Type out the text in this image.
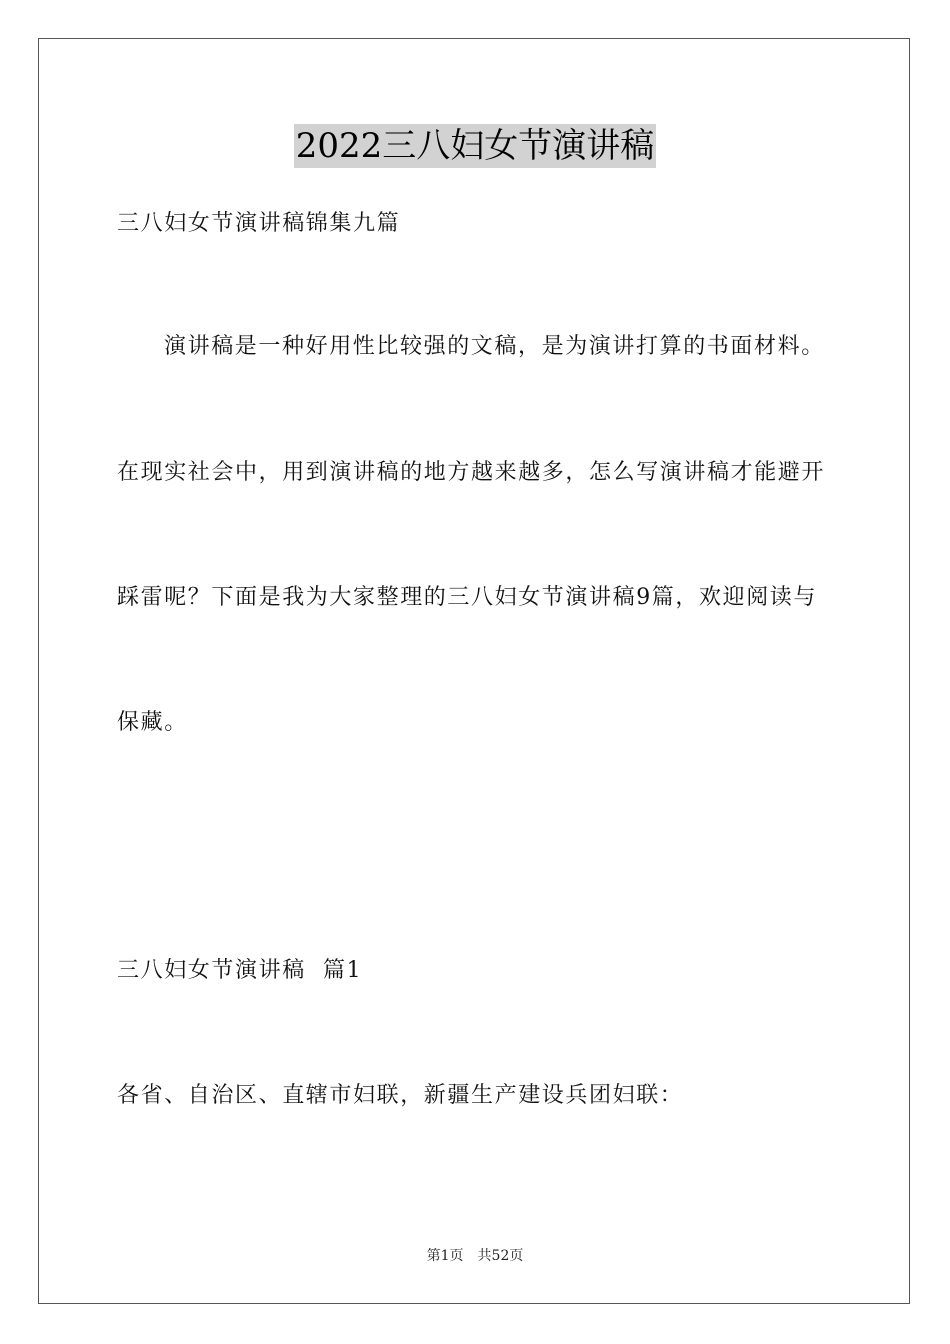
2022三八妇女节演讲稿
三八妇女节演讲稿锦集九篇
演讲稿是一种好用性比较强的文稿，是为演讲打算的书面材料。
在现实社会中，用到演讲稿的地方越来越多，怎么写演讲稿才能避开
踩雷呢？下面是我为大家整理的三八妇女节演讲稿9篇，欢迎阅读与
保藏。
三八妇女节演讲稿  篇1
各省、自治区、直辖市妇联，新疆生产建设兵团妇联：
第1页 共52页
